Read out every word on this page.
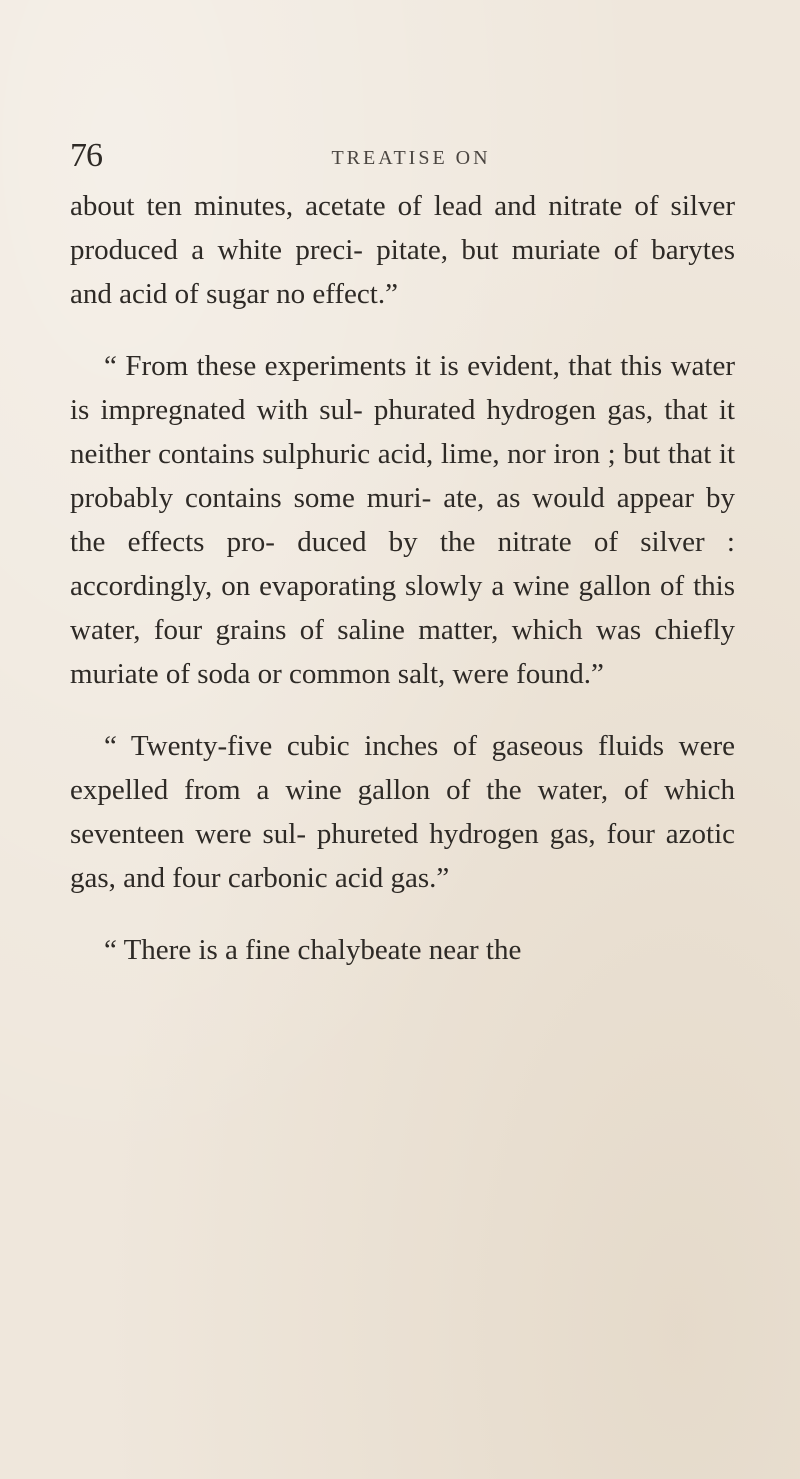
76	TREATISE ON

about ten minutes, acetate of lead and nitrate of silver produced a white preci- pitate, but muriate of barytes and acid of sugar no effect.”

“ From these experiments it is evident, that this water is impregnated with sul- phurated hydrogen gas, that it neither contains sulphuric acid, lime, nor iron ; but that it probably contains some muri- ate, as would appear by the effects pro- duced by the nitrate of silver : accordingly, on evaporating slowly a wine gallon of this water, four grains of saline matter, which was chiefly muriate of soda or common salt, were found.”

“ Twenty-five cubic inches of gaseous fluids were expelled from a wine gallon of the water, of which seventeen were sul- phureted hydrogen gas, four azotic gas, and four carbonic acid gas.”

“ There is a fine chalybeate near the
